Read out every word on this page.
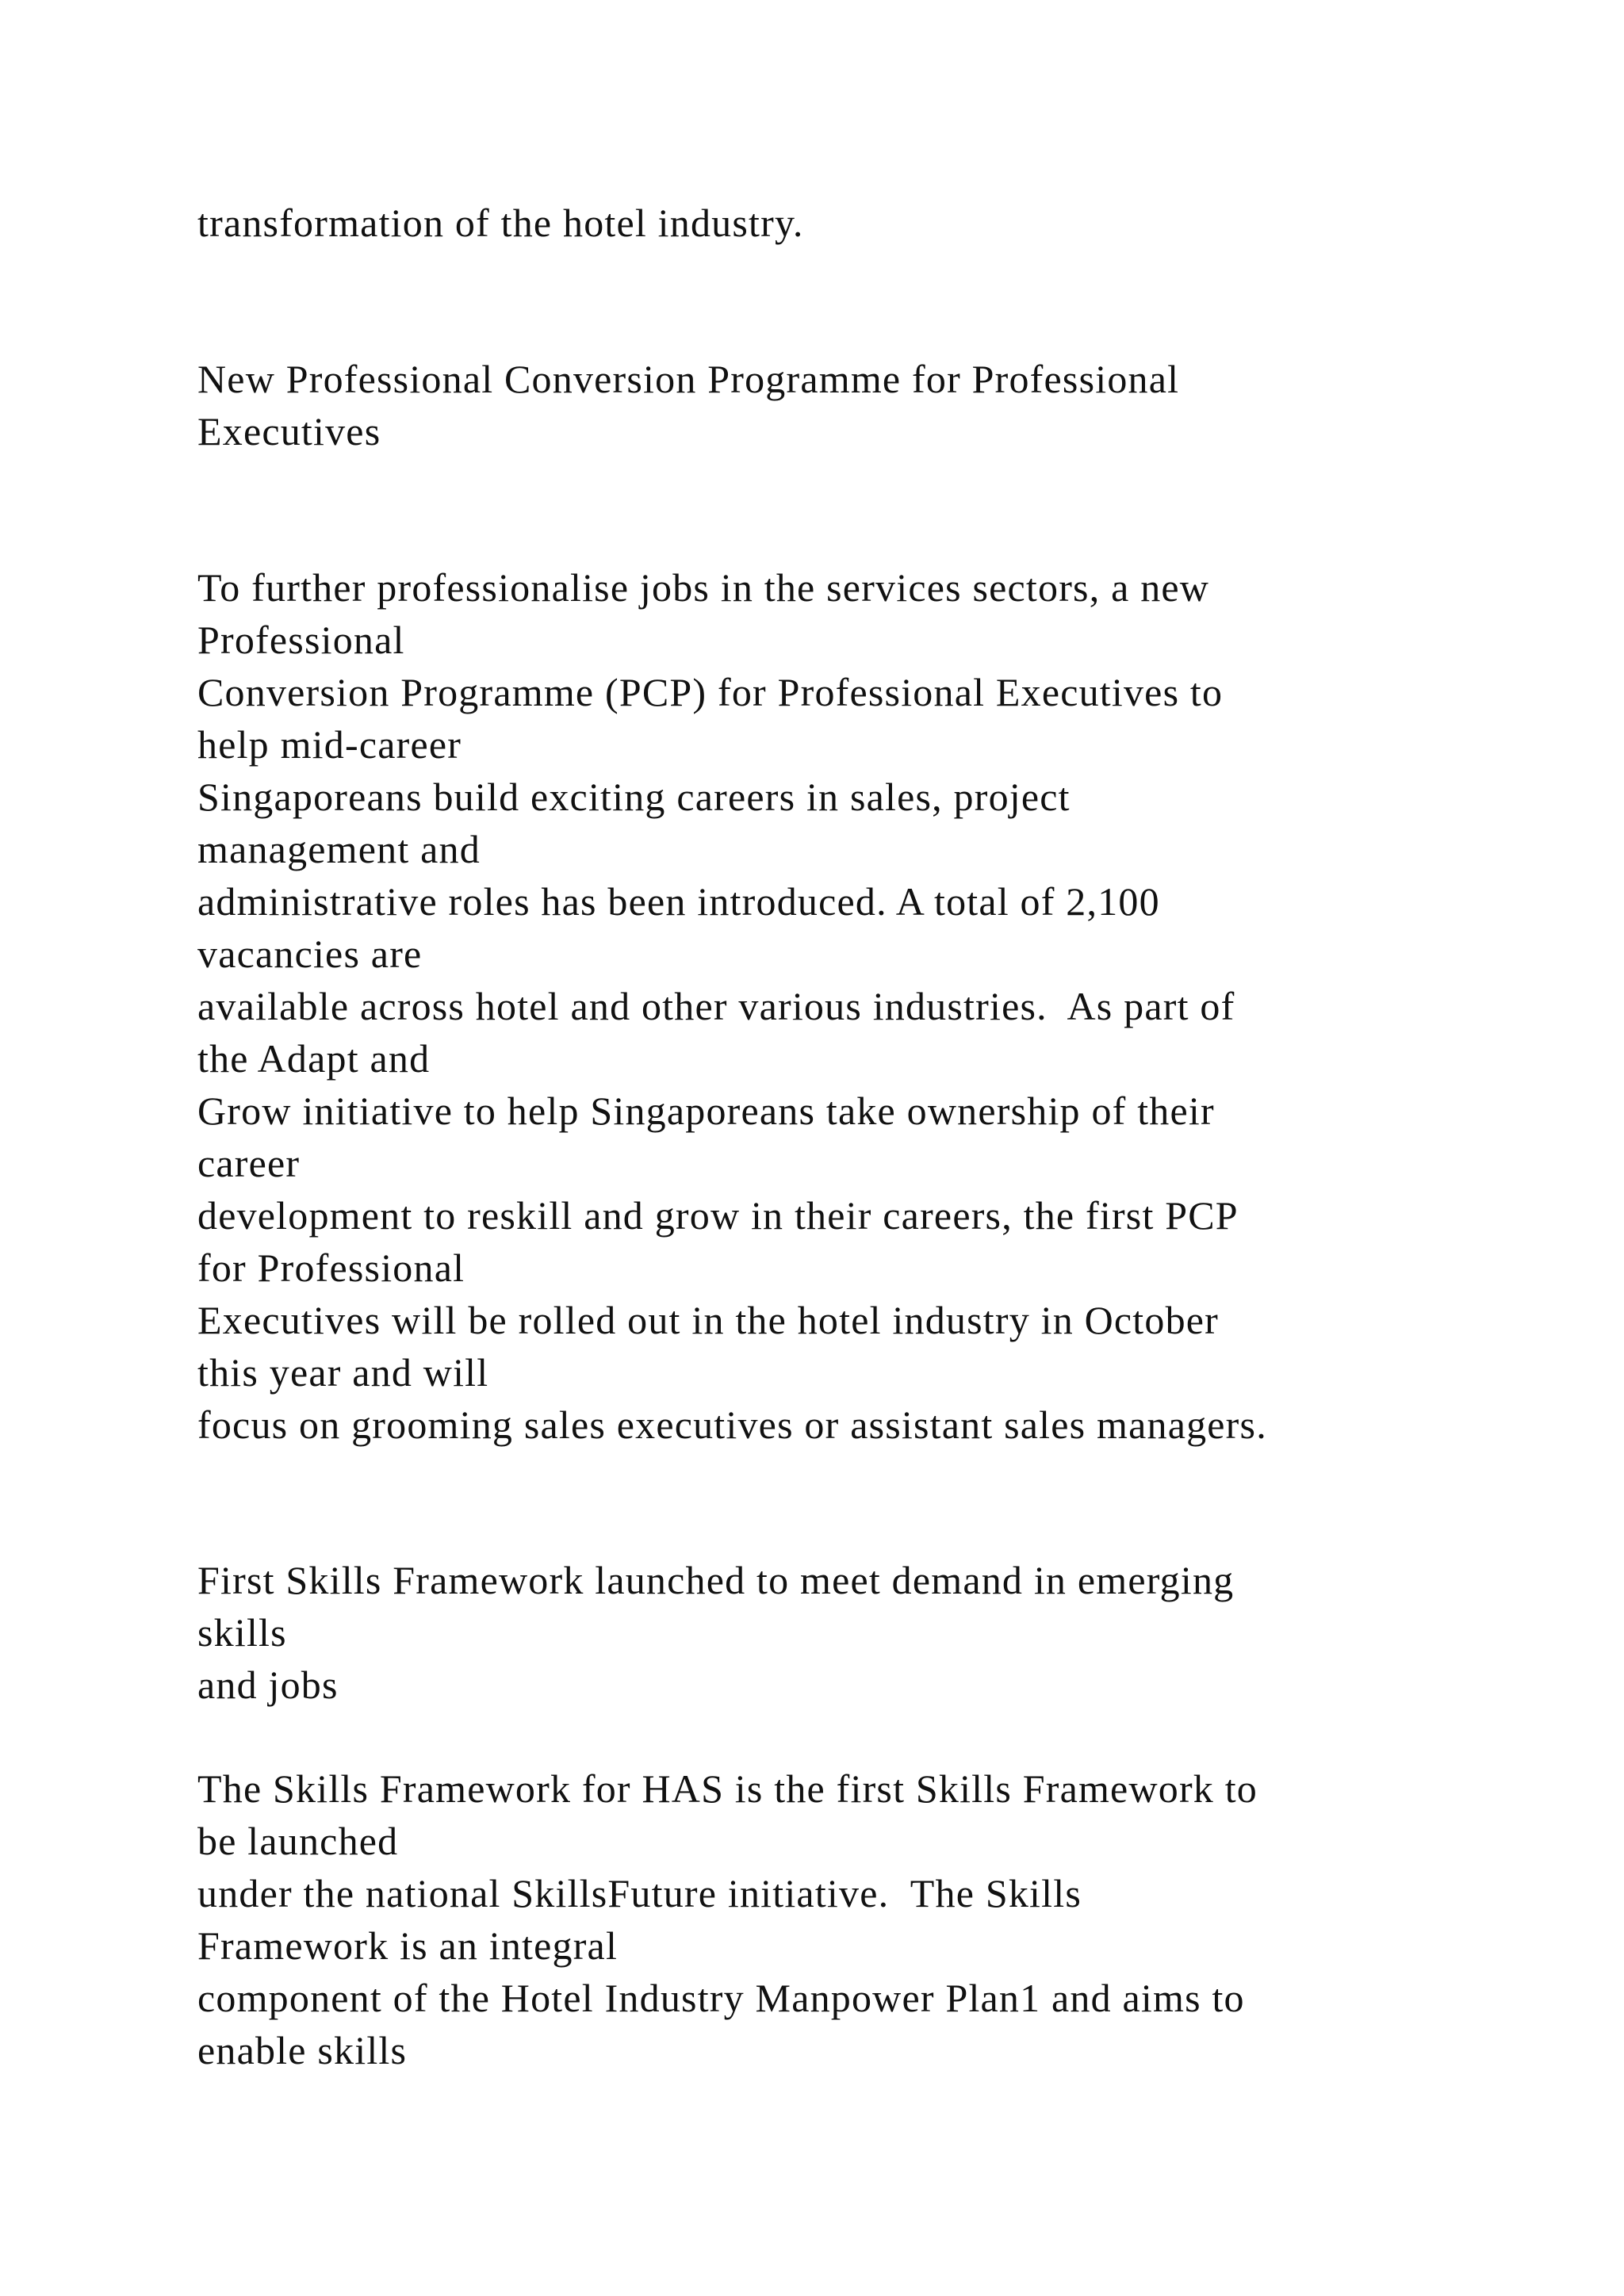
transformation of the hotel industry.

New Professional Conversion Programme for Professional

Executives

To further professionalise jobs in the services sectors, a new

Professional

Conversion Programme (PCP) for Professional Executives to

help mid-career

Singaporeans build exciting careers in sales, project

management and

administrative roles has been introduced. A total of 2,100

vacancies are

available across hotel and other various industries.  As part of

the Adapt and

Grow initiative to help Singaporeans take ownership of their

career

development to reskill and grow in their careers, the first PCP

for Professional

Executives will be rolled out in the hotel industry in October

this year and will

focus on grooming sales executives or assistant sales managers.

First Skills Framework launched to meet demand in emerging

skills

and jobs

The Skills Framework for HAS is the first Skills Framework to

be launched

under the national SkillsFuture initiative.  The Skills

Framework is an integral

component of the Hotel Industry Manpower Plan1 and aims to

enable skills
